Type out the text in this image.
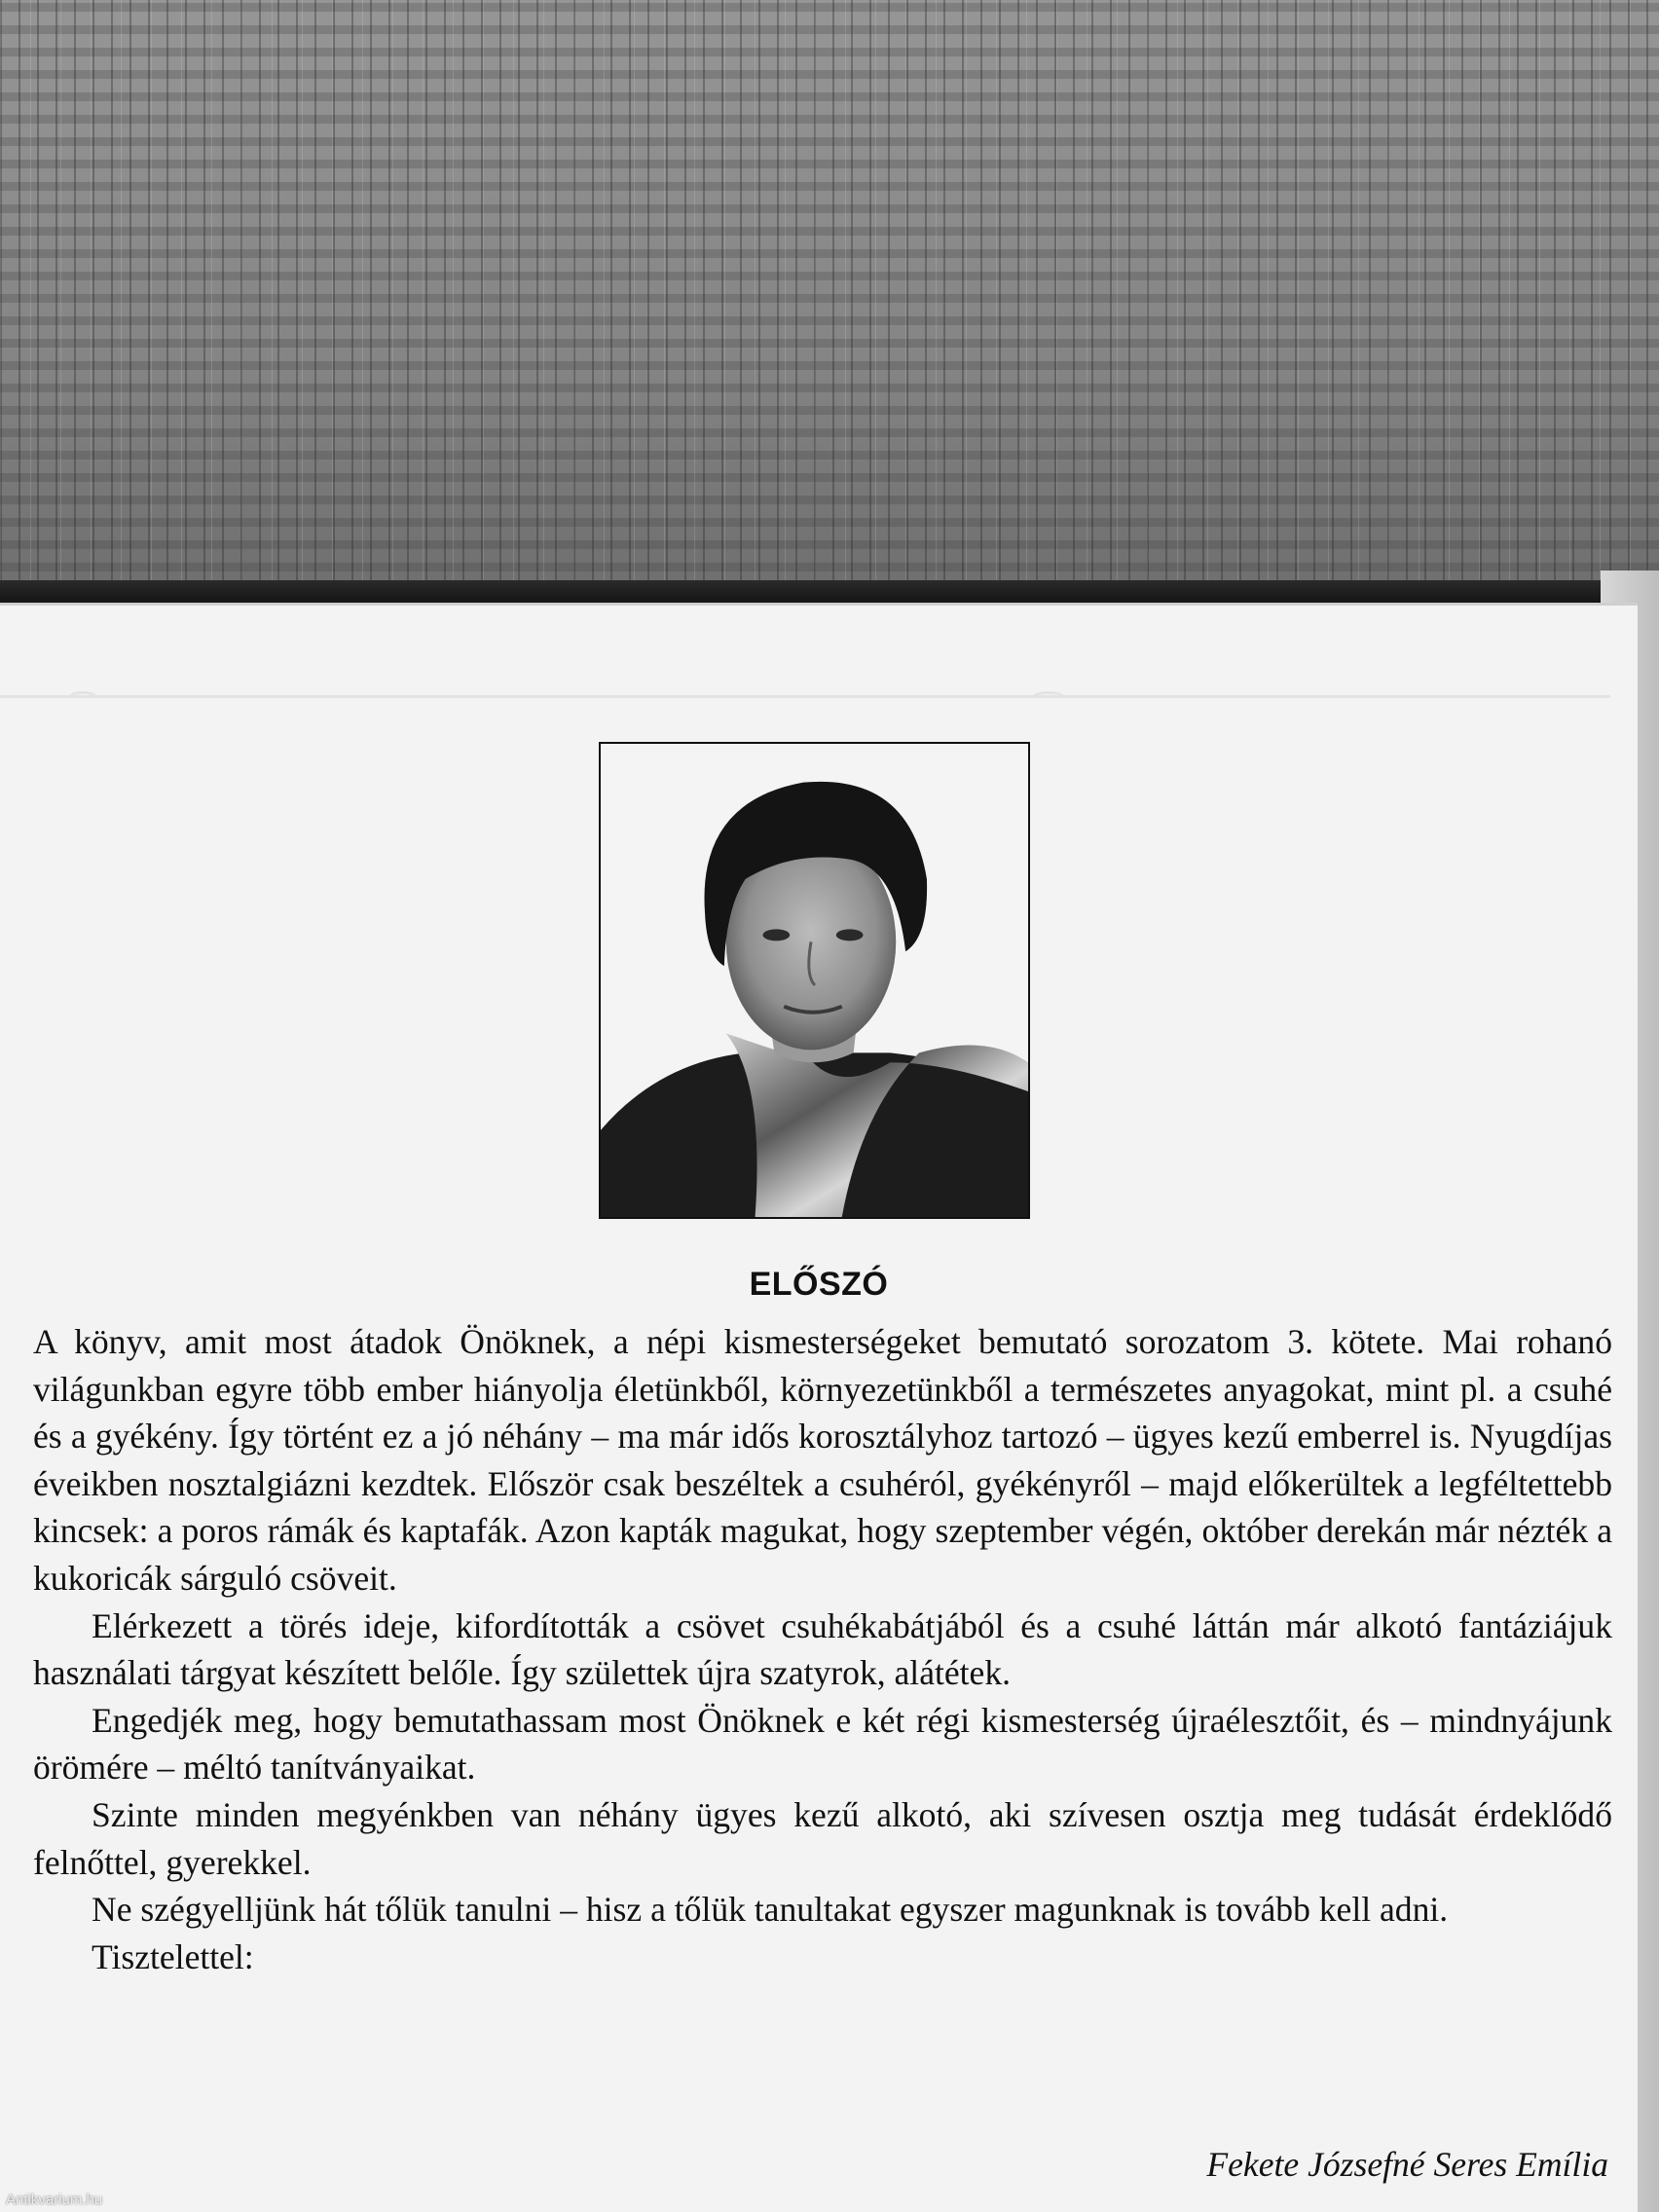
ELŐSZÓ

A könyv, amit most átadok Önöknek, a népi kismesterségeket bemutató sorozatom 3. kötete. Mai rohanó világunkban egyre több ember hiányolja életünkből, környezetünkből a természetes anyagokat, mint pl. a csuhé és a gyékény. Így történt ez a jó néhány – ma már idős korosztályhoz tartozó – ügyes kezű emberrel is. Nyugdíjas éveikben nosztalgiázni kezdtek. Először csak beszéltek a csuhéról, gyékényről – majd előkerültek a legféltettebb kincsek: a poros rámák és kaptafák. Azon kapták magukat, hogy szeptember végén, október derekán már nézték a kukoricák sárguló csöveit.

Elérkezett a törés ideje, kifordították a csövet csuhékabátjából és a csuhé láttán már alkotó fantáziájuk használati tárgyat készített belőle. Így születtek újra szatyrok, alátétek.

Engedjék meg, hogy bemutathassam most Önöknek e két régi kismesterség újraélesztőit, és – mindnyájunk örömére – méltó tanítványaikat.

Szinte minden megyénkben van néhány ügyes kezű alkotó, aki szívesen osztja meg tudását érdeklődő felnőttel, gyerekkel.

Ne szégyelljünk hát tőlük tanulni – hisz a tőlük tanultakat egyszer magunknak is tovább kell adni.

Tisztelettel:

Fekete Józsefné Seres Emília
Antikvarium.hu
